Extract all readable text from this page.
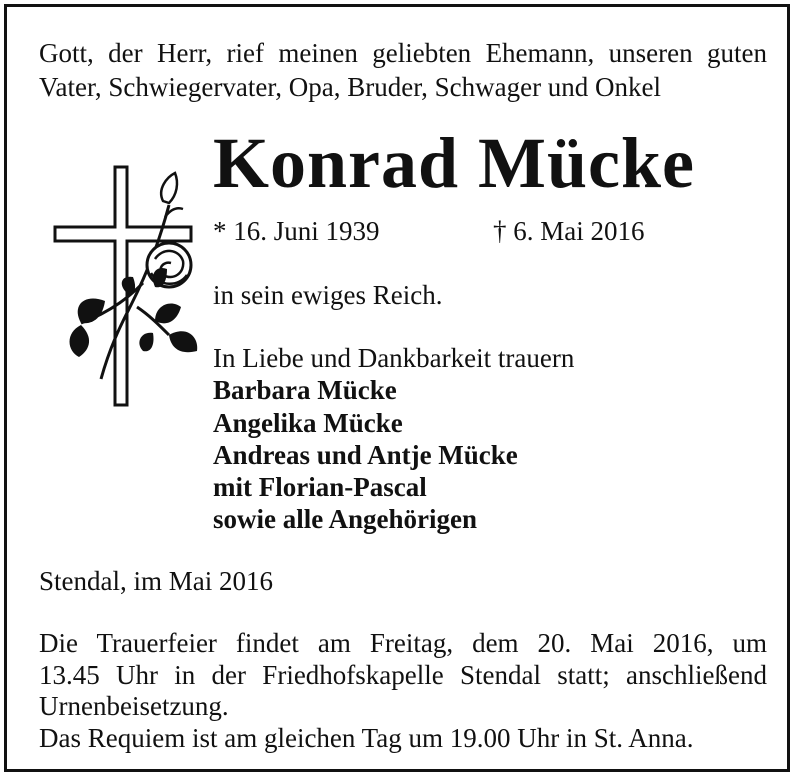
Gott, der Herr, rief meinen geliebten Ehemann, unseren guten
Vater, Schwiegervater, Opa, Bruder, Schwager und Onkel
Konrad Mücke
* 16. Juni 1939	† 6. Mai 2016
in sein ewiges Reich.
In Liebe und Dankbarkeit trauern
Barbara Mücke
Angelika Mücke
Andreas und Antje Mücke
mit Florian-Pascal
sowie alle Angehörigen
Stendal, im Mai 2016
Die Trauerfeier findet am Freitag, dem 20. Mai 2016, um
13.45 Uhr in der Friedhofskapelle Stendal statt; anschließend
Urnenbeisetzung.
Das Requiem ist am gleichen Tag um 19.00 Uhr in St. Anna.
